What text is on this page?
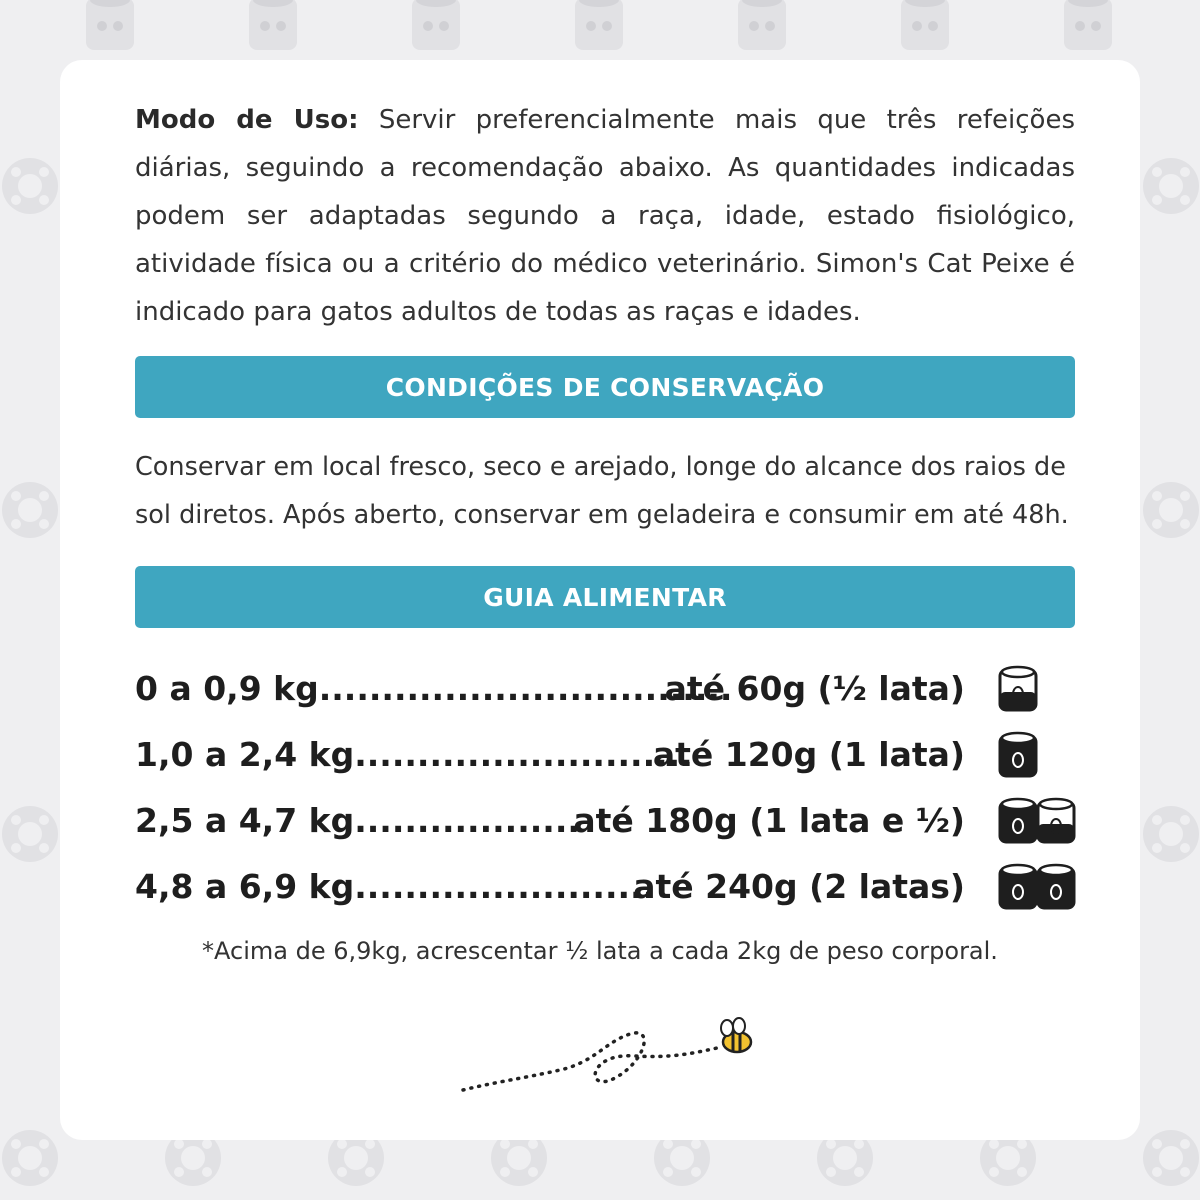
Modo de Uso: Servir preferencialmente mais que três refeições diárias, seguindo a recomendação abaixo. As quantidades indicadas podem ser adaptadas segundo a raça, idade, estado fisiológico, atividade física ou a critério do médico veterinário. Simon's Cat Peixe é indicado para gatos adultos de todas as raças e idades.

CONDIÇÕES DE CONSERVAÇÃO

Conservar em local fresco, seco e arejado, longe do alcance dos raios de sol diretos. Após aberto, conservar em geladeira e consumir em até 48h.

GUIA ALIMENTAR
0 a 0,9 kg .................................
até 60g (½ lata)
1,0 a 2,4 kg ...........................
até 120g (1 lata)
2,5 a 4,7 kg ..................
até 180g (1 lata e ½)
4,8 a 6,9 kg ........................
até 240g (2 latas)

*Acima de 6,9kg, acrescentar ½ lata a cada 2kg de peso corporal.
